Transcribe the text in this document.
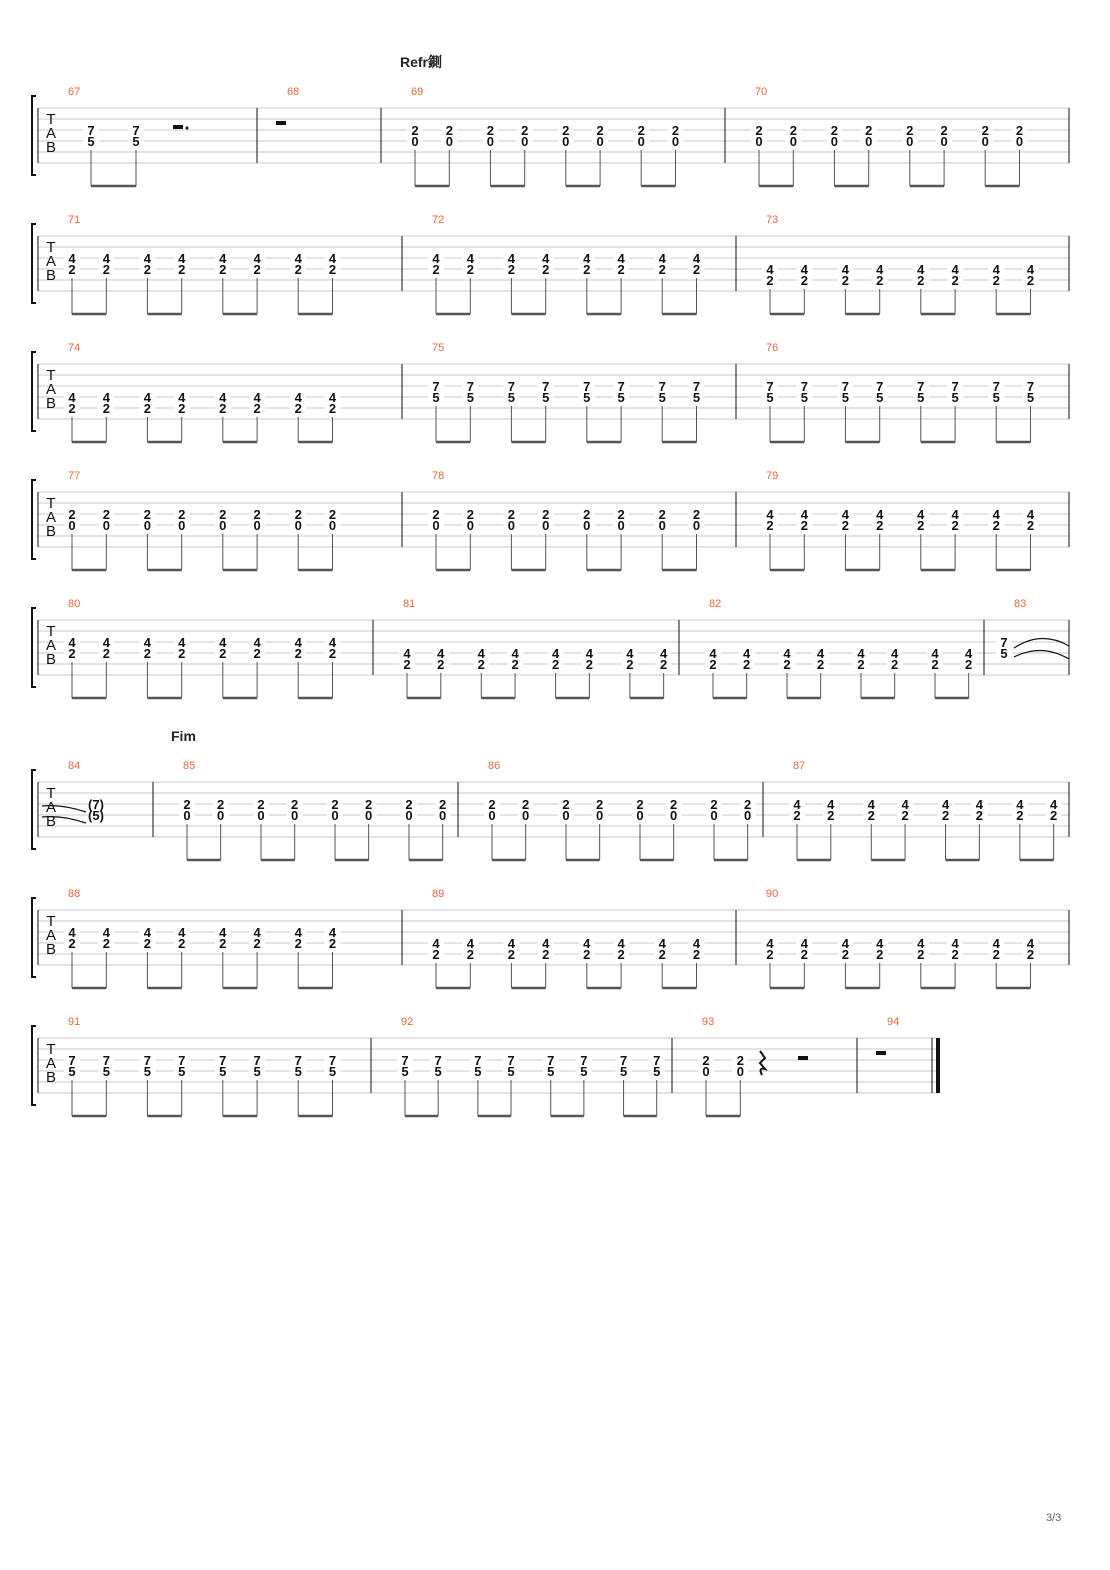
T
A
B
Refr鍘
67
7
5
7
5
68	69
2
0
2
0
2
0
2
0
2
0
2
0
2
0
2
0
70
2
0
2
0
2
0
2
0
2
0
2
0
2
0
2
0
T
A
B
71
4
2
4
2
4
2
4
2
4
2
4
2
4
2
4
2
72
4
2
4
2
4
2
4
2
4
2
4
2
4
2
4
2
73
4
2
4
2
4
2
4
2
4
2
4
2
4
2
4
2
T
A
B
74
4
2
4
2
4
2
4
2
4
2
4
2
4
2
4
2
75
7
5
7
5
7
5
7
5
7
5
7
5
7
5
7
5
76
7
5
7
5
7
5
7
5
7
5
7
5
7
5
7
5
T
A
B
77
2
0
2
0
2
0
2
0
2
0
2
0
2
0
2
0
78
2
0
2
0
2
0
2
0
2
0
2
0
2
0
2
0
79
4
2
4
2
4
2
4
2
4
2
4
2
4
2
4
2
T
A
B
80
4
2
4
2
4
2
4
2
4
2
4
2
4
2
4
2
81
4
2
4
2
4
2
4
2
4
2
4
2
4
2
4
2
82
4
2
4
2
4
2
4
2
4
2
4
2
4
2
4
2
83
7
5
T
A
B
Fim
84
(7)
(5)
85
2
0
2
0
2
0
2
0
2
0
2
0
2
0
2
0
86
2
0
2
0
2
0
2
0
2
0
2
0
2
0
2
0
87
4
2
4
2
4
2
4
2
4
2
4
2
4
2
4
2
T
A
B
88
4
2
4
2
4
2
4
2
4
2
4
2
4
2
4
2
89
4
2
4
2
4
2
4
2
4
2
4
2
4
2
4
2
90
4
2
4
2
4
2
4
2
4
2
4
2
4
2
4
2
T
A
B
91
7
5
7
5
7
5
7
5
7
5
7
5
7
5
7
5
92
7
5
7
5
7
5
7
5
7
5
7
5
7
5
7
5
93
2
0
2
0
94
3/3
